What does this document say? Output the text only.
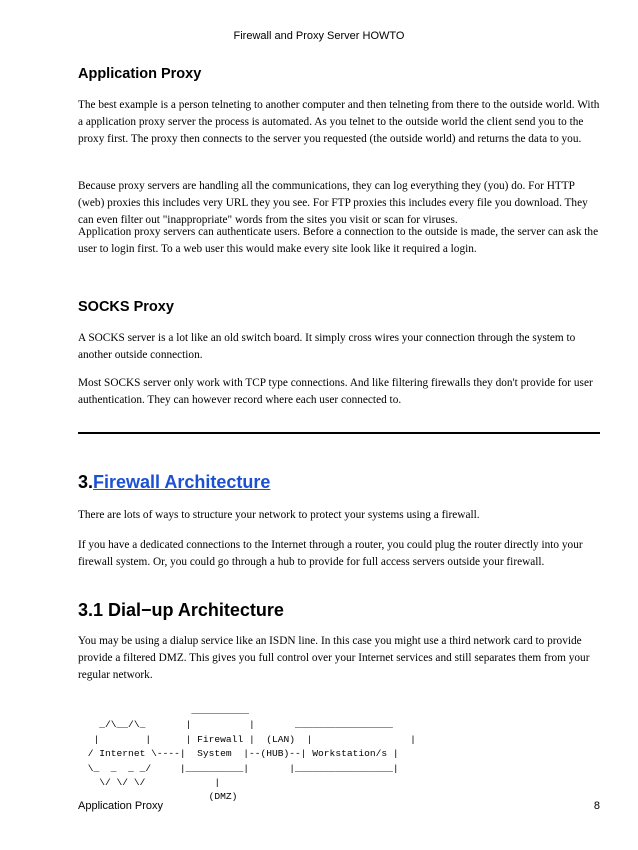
Firewall and Proxy Server HOWTO
Application Proxy

The best example is a person telneting to another computer and then telneting from there to the outside world. With a application proxy server the process is automated. As you telnet to the outside world the client send you to the proxy first. The proxy then connects to the server you requested (the outside world) and returns the data to you.

Because proxy servers are handling all the communications, they can log everything they (you) do. For HTTP (web) proxies this includes very URL they you see. For FTP proxies this includes every file you download. They can even filter out "inappropriate" words from the sites you visit or scan for viruses.

Application proxy servers can authenticate users. Before a connection to the outside is made, the server can ask the user to login first. To a web user this would make every site look like it required a login.

SOCKS Proxy

A SOCKS server is a lot like an old switch board. It simply cross wires your connection through the system to another outside connection.

Most SOCKS server only work with TCP type connections. And like filtering firewalls they don't provide for user authentication. They can however record where each user connected to.

3.Firewall Architecture

There are lots of ways to structure your network to protect your systems using a firewall.

If you have a dedicated connections to the Internet through a router, you could plug the router directly into your firewall system. Or, you could go through a hub to provide for full access servers outside your firewall.

3.1 Dial−up Architecture

You may be using a dialup service like an ISDN line. In this case you might use a third network card to provide provide a filtered DMZ. This gives you full control over your Internet services and still separates them from your regular network.

__________
_/\__/\_       |          |       _________________
|        |      | Firewall |  (LAN)  |                 |
/ Internet \----|  System  |--(HUB)--| Workstation/s |
\_  _  _ _/     |__________|       |_________________|
\/ \/ \/            |
(DMZ)
Application Proxy	8
